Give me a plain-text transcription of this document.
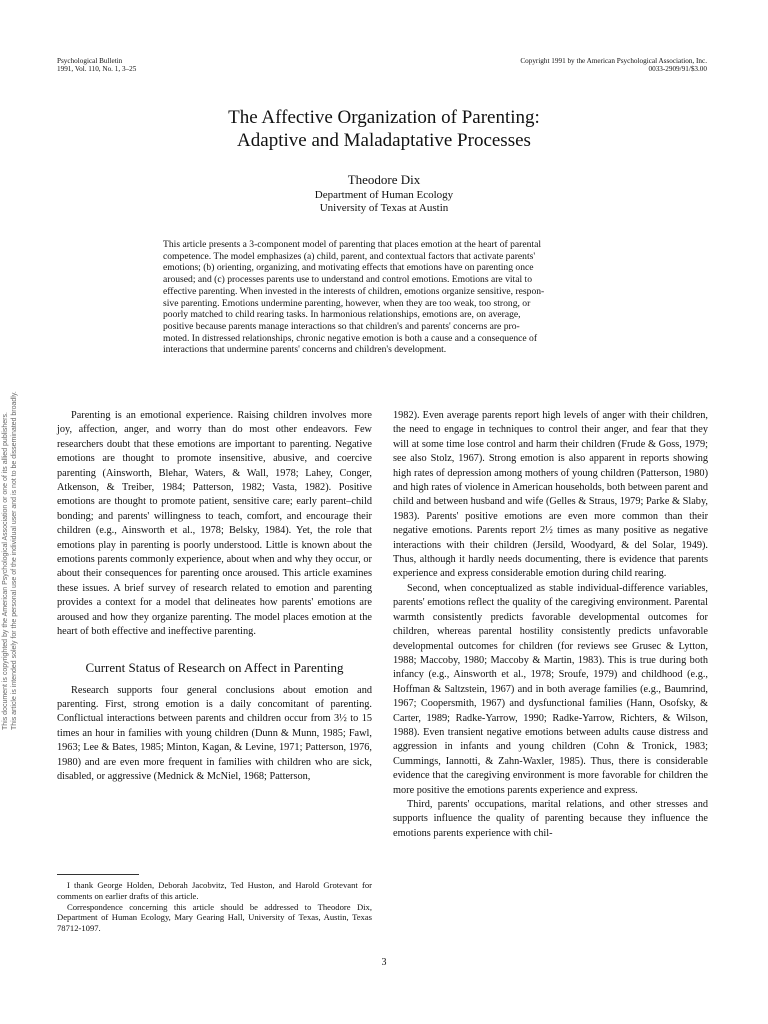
This document is copyrighted by the American Psychological Association or one of its allied publishers. This article is intended solely for the personal use of the individual user and is not to be disseminated broadly.
Psychological Bulletin
1991, Vol. 110, No. 1, 3–25
Copyright 1991 by the American Psychological Association, Inc.
0033-2909/91/$3.00
The Affective Organization of Parenting:
Adaptive and Maladaptative Processes
Theodore Dix
Department of Human Ecology
University of Texas at Austin
This article presents a 3-component model of parenting that places emotion at the heart of parental
competence. The model emphasizes (a) child, parent, and contextual factors that activate parents'
emotions; (b) orienting, organizing, and motivating effects that emotions have on parenting once
aroused; and (c) processes parents use to understand and control emotions. Emotions are vital to
effective parenting. When invested in the interests of children, emotions organize sensitive, respon-
sive parenting. Emotions undermine parenting, however, when they are too weak, too strong, or
poorly matched to child rearing tasks. In harmonious relationships, emotions are, on average,
positive because parents manage interactions so that children's and parents' concerns are pro-
moted. In distressed relationships, chronic negative emotion is both a cause and a consequence of
interactions that undermine parents' concerns and children's development.

Parenting is an emotional experience. Raising children involves more joy, affection, anger, and worry than do most other endeavors. Few researchers doubt that these emotions are important to parenting. Negative emotions are thought to promote insensitive, abusive, and coercive parenting (Ainsworth, Blehar, Waters, & Wall, 1978; Lahey, Conger, Atkenson, & Treiber, 1984; Patterson, 1982; Vasta, 1982). Positive emotions are thought to promote patient, sensitive care; early parent–child bonding; and parents' willingness to teach, comfort, and encourage their children (e.g., Ainsworth et al., 1978; Belsky, 1984). Yet, the role that emotions play in parenting is poorly understood. Little is known about the emotions parents commonly experience, about when and why they occur, or about their consequences for parenting once aroused. This article examines these issues. A brief survey of research related to emotion and parenting provides a context for a model that delineates how parents' emotions are aroused and how they organize parenting. The model places emotion at the heart of both effective and ineffective parenting.

Current Status of Research on Affect in Parenting

Research supports four general conclusions about emotion and parenting. First, strong emotion is a daily concomitant of parenting. Conflictual interactions between parents and children occur from 3½ to 15 times an hour in families with young children (Dunn & Munn, 1985; Fawl, 1963; Lee & Bates, 1985; Minton, Kagan, & Levine, 1971; Patterson, 1976, 1980) and are even more frequent in families with children who are sick, disabled, or aggressive (Mednick & McNiel, 1968; Patterson,

I thank George Holden, Deborah Jacobvitz, Ted Huston, and Harold Grotevant for comments on earlier drafts of this article.

Correspondence concerning this article should be addressed to Theodore Dix, Department of Human Ecology, Mary Gearing Hall, University of Texas, Austin, Texas 78712-1097.

1982). Even average parents report high levels of anger with their children, the need to engage in techniques to control their anger, and fear that they will at some time lose control and harm their children (Frude & Goss, 1979; see also Stolz, 1967). Strong emotion is also apparent in reports showing high rates of depression among mothers of young children (Patterson, 1980) and high rates of violence in American households, both between parent and child and between husband and wife (Gelles & Straus, 1979; Parke & Slaby, 1983). Parents' positive emotions are even more common than their negative emotions. Parents report 2½ times as many positive as negative interactions with their children (Jersild, Woodyard, & del Solar, 1949). Thus, although it hardly needs documenting, there is evidence that parents experience and express considerable emotion during child rearing.

Second, when conceptualized as stable individual-difference variables, parents' emotions reflect the quality of the caregiving environment. Parental warmth consistently predicts favorable developmental outcomes for children, whereas parental hostility consistently predicts unfavorable developmental outcomes for children (for reviews see Grusec & Lytton, 1988; Maccoby, 1980; Maccoby & Martin, 1983). This is true during both infancy (e.g., Ainsworth et al., 1978; Sroufe, 1979) and childhood (e.g., Hoffman & Saltzstein, 1967) and in both average families (e.g., Baumrind, 1967; Coopersmith, 1967) and dysfunctional families (Hann, Osofsky, & Carter, 1989; Radke-Yarrow, 1990; Radke-Yarrow, Richters, & Wilson, 1988). Even transient negative emotions between adults cause distress and aggression in infants and young children (Cohn & Tronick, 1983; Cummings, Iannotti, & Zahn-Waxler, 1985). Thus, there is considerable evidence that the caregiving environment is more favorable for children the more positive the emotions parents experience and express.

Third, parents' occupations, marital relations, and other stresses and supports influence the quality of parenting because they influence the emotions parents experience with chil-

3
